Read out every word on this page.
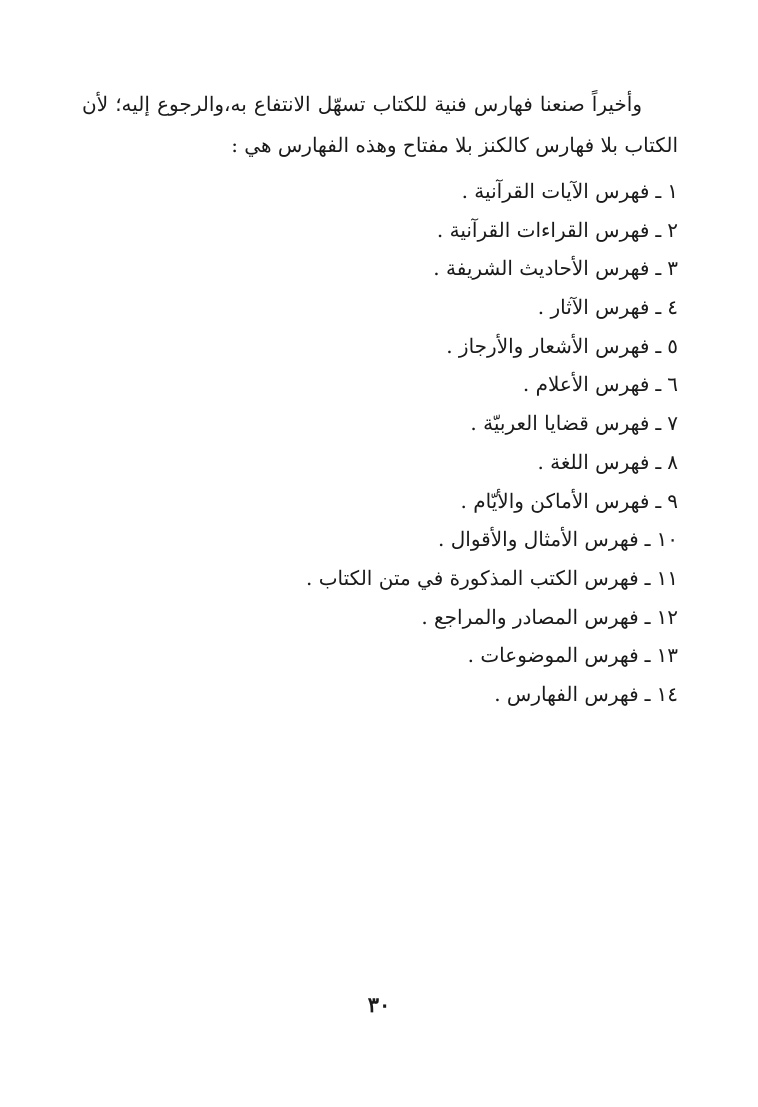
وأخيراً صنعنا فهارس فنية للكتاب تسهّل الانتفاع به،والرجوع إليه؛ لأن الكتاب بلا فهارس كالكنز بلا مفتاح وهذه الفهارس هي :

١ـفهرس الآيات القرآنية .
٢ـفهرس القراءات القرآنية .
٣ـفهرس الأحاديث الشريفة .
٤ـفهرس الآثار .
٥ـفهرس الأشعار والأرجاز .
٦ـفهرس الأعلام .
٧ـفهرس قضايا العربيّة .
٨ـفهرس اللغة .
٩ـفهرس الأماكن والأيّام .
١٠ـفهرس الأمثال والأقوال .
١١ـفهرس الكتب المذكورة في متن الكتاب .
١٢ـفهرس المصادر والمراجع .
١٣ـفهرس الموضوعات .
١٤ـفهرس الفهارس .
٣٠
